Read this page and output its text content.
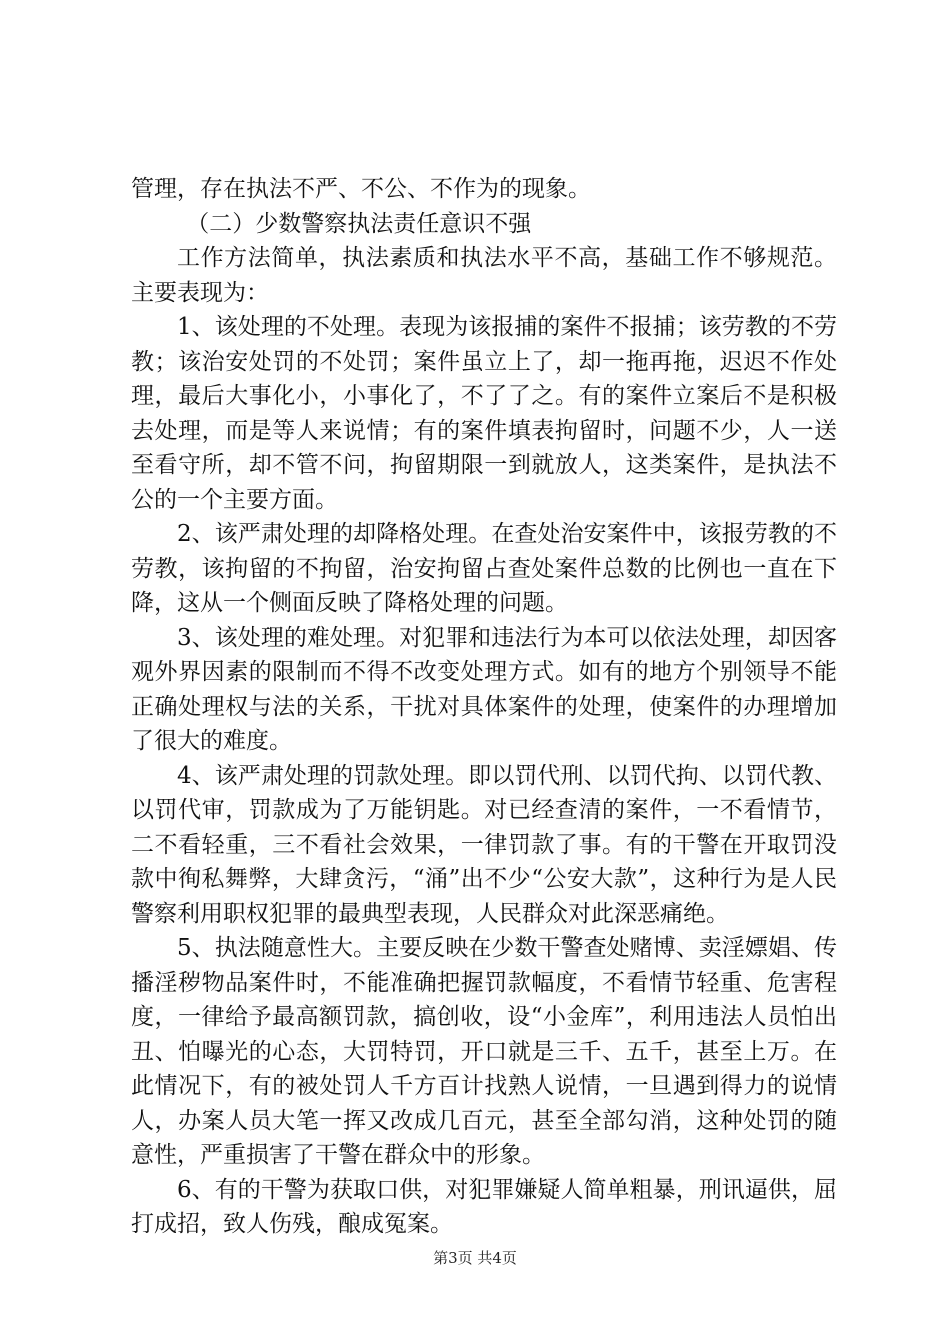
管理，存在执法不严、不公、不作为的现象。

（二）少数警察执法责任意识不强

工作方法简单，执法素质和执法水平不高，基础工作不够规范。主要表现为：

1、该处理的不处理。表现为该报捕的案件不报捕；该劳教的不劳教；该治安处罚的不处罚；案件虽立上了，却一拖再拖，迟迟不作处理，最后大事化小，小事化了，不了了之。有的案件立案后不是积极去处理，而是等人来说情；有的案件填表拘留时，问题不少，人一送至看守所，却不管不问，拘留期限一到就放人，这类案件，是执法不公的一个主要方面。

2、该严肃处理的却降格处理。在查处治安案件中，该报劳教的不劳教，该拘留的不拘留，治安拘留占查处案件总数的比例也一直在下降，这从一个侧面反映了降格处理的问题。

3、该处理的难处理。对犯罪和违法行为本可以依法处理，却因客观外界因素的限制而不得不改变处理方式。如有的地方个别领导不能正确处理权与法的关系，干扰对具体案件的处理，使案件的办理增加了很大的难度。

4、该严肃处理的罚款处理。即以罚代刑、以罚代拘、以罚代教、以罚代审，罚款成为了万能钥匙。对已经查清的案件，一不看情节，二不看轻重，三不看社会效果，一律罚款了事。有的干警在开取罚没款中徇私舞弊，大肆贪污，“涌”出不少“公安大款”，这种行为是人民警察利用职权犯罪的最典型表现，人民群众对此深恶痛绝。

5、执法随意性大。主要反映在少数干警查处赌博、卖淫嫖娼、传播淫秽物品案件时，不能准确把握罚款幅度，不看情节轻重、危害程度，一律给予最高额罚款，搞创收，设“小金库”，利用违法人员怕出丑、怕曝光的心态，大罚特罚，开口就是三千、五千，甚至上万。在此情况下，有的被处罚人千方百计找熟人说情，一旦遇到得力的说情人，办案人员大笔一挥又改成几百元，甚至全部勾消，这种处罚的随意性，严重损害了干警在群众中的形象。

6、有的干警为获取口供，对犯罪嫌疑人简单粗暴，刑讯逼供，屈打成招，致人伤残，酿成冤案。

第3页 共4页
